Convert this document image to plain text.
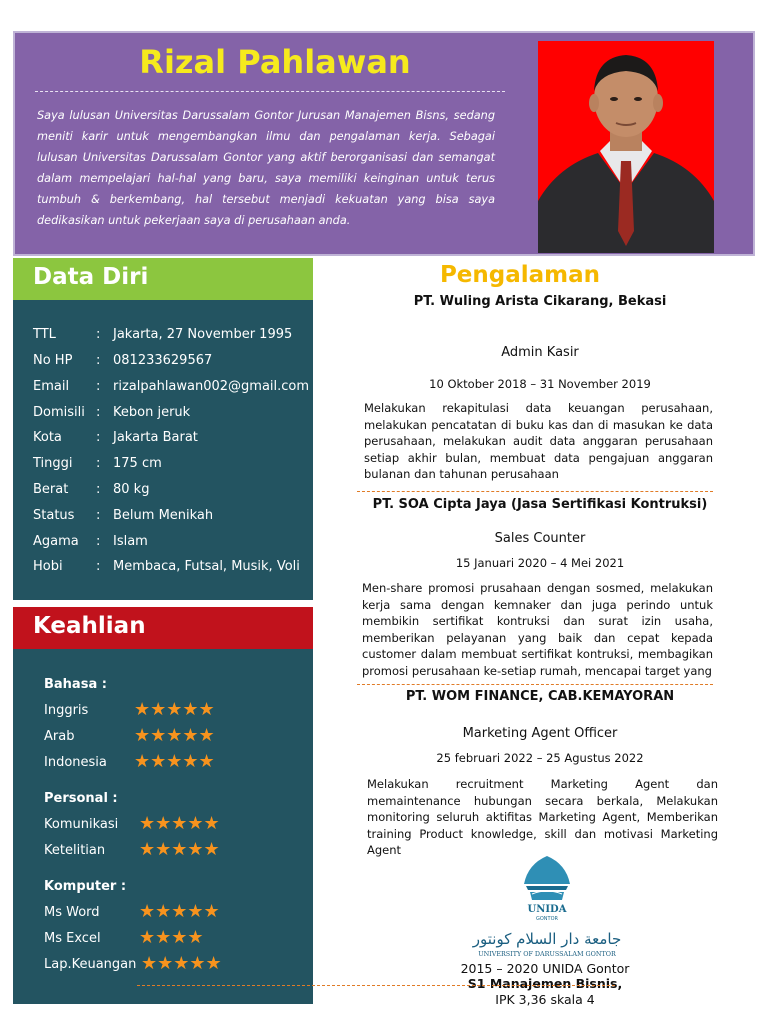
Rizal Pahlawan
Saya lulusan Universitas Darussalam Gontor Jurusan Manajemen Bisns, sedang meniti karir untuk mengembangkan ilmu dan pengalaman kerja. Sebagai lulusan Universitas Darussalam Gontor yang aktif berorganisasi dan semangat dalam mempelajari hal-hal yang baru, saya memiliki keinginan untuk terus tumbuh & berkembang, hal tersebut menjadi kekuatan yang bisa saya dedikasikan untuk pekerjaan saya di perusahaan anda.
Data Diri
TTL	: Jakarta, 27 November 1995
No HP : 081233629567
Email : rizalpahlawan002@gmail.com
Domisili : Kebon jeruk
Kota	: Jakarta Barat
Tinggi : 175 cm
Berat : 80 kg
Status : Belum Menikah
Agama : Islam
Hobi	: Membaca, Futsal, Musik, Voli
Keahlian
Bahasa :
Inggris	★★★★★
Arab	★★★★★
Indonesia ★★★★★
Personal :
Komunikasi ★★★★★
Ketelitian ★★★★★
Komputer :
Ms Word ★★★★★
Ms Excel ★★★★
Lap.Keuangan ★★★★★
Pengalaman
PT. Wuling Arista Cikarang, Bekasi
Admin Kasir
10 Oktober 2018 – 31 November 2019
Melakukan rekapitulasi data keuangan perusahaan, melakukan pencatatan di buku kas dan di masukan ke data perusahaan, melakukan audit data anggaran perusahaan setiap akhir bulan, membuat data pengajuan anggaran bulanan dan tahunan perusahaan
PT. SOA Cipta Jaya (Jasa Sertifikasi Kontruksi)
Sales Counter
15 Januari 2020 – 4 Mei 2021
Men-share promosi prusahaan dengan sosmed, melakukan kerja sama dengan kemnaker dan juga perindo untuk membikin sertifikat kontruksi dan surat izin usaha, memberikan pelayanan yang baik dan cepat kepada customer dalam membuat sertifikat kontruksi, membagikan promosi perusahaan ke-setiap rumah, mencapai target yang
PT. WOM FINANCE, CAB.KEMAYORAN
Marketing Agent Officer
25 februari 2022 – 25 Agustus 2022
Melakukan recruitment Marketing Agent dan memaintenance hubungan secara berkala, Melakukan monitoring seluruh aktifitas Marketing Agent, Memberikan training Product knowledge, skill dan motivasi Marketing Agent
UNIDA
GONTOR
جامعة دار السلام كونتور
UNIVERSITY OF DARUSSALAM GONTOR
2015 – 2020 UNIDA Gontor
S1 Manajemen Bisnis,
IPK 3,36 skala 4
